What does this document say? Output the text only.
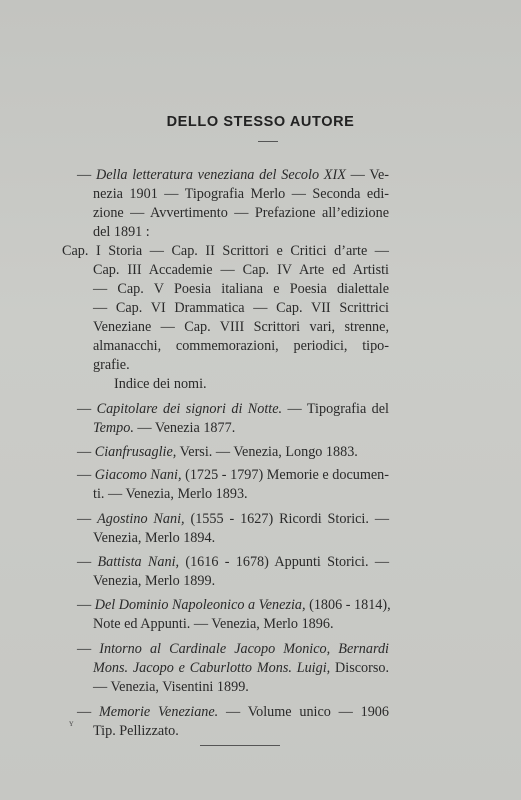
DELLO STESSO AUTORE
— Della letteratura veneziana del Secolo XIX — Ve-
nezia 1901 — Tipografia Merlo — Seconda edi-
zione — Avvertimento — Prefazione all’edizione
del 1891 :
Cap. I Storia — Cap. II Scrittori e Critici d’arte —
Cap. III Accademie — Cap. IV Arte ed Artisti
— Cap. V Poesia italiana e Poesia dialettale
— Cap. VI Drammatica — Cap. VII Scrittrici
Veneziane — Cap. VIII Scrittori vari, strenne,
almanacchi, commemorazioni, periodici, tipo-
grafie.
Indice dei nomi.
— Capitolare dei signori di Notte. — Tipografia del
Tempo. — Venezia 1877.
— Cianfrusaglie, Versi. — Venezia, Longo 1883.
— Giacomo Nani, (1725 - 1797) Memorie e documen-
ti. — Venezia, Merlo 1893.
— Agostino Nani, (1555 - 1627) Ricordi Storici. —
Venezia, Merlo 1894.
— Battista Nani, (1616 - 1678) Appunti Storici. —
Venezia, Merlo 1899.
— Del Dominio Napoleonico a Venezia, (1806 - 1814),
Note ed Appunti. — Venezia, Merlo 1896.
— Intorno al Cardinale Jacopo Monico, Bernardi
Mons. Jacopo e Caburlotto Mons. Luigi, Discorso.
— Venezia, Visentini 1899.
— Memorie Veneziane. — Volume unico — 1906
Tip. Pellizzato.
ʏ
